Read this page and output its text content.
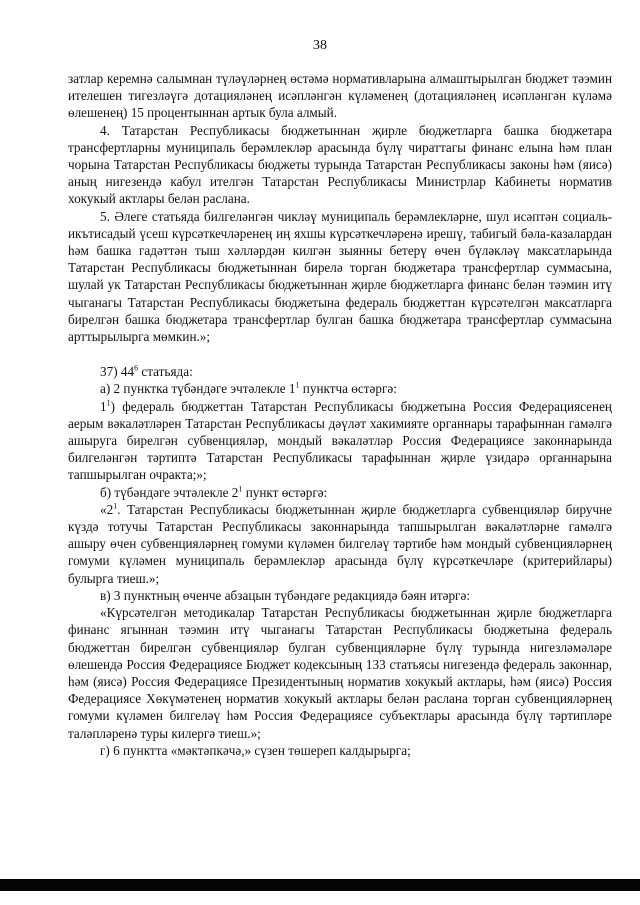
38

затлар керемнә салымнан түләүләрнең өстәмә нормативларына алмаштырылган бюджет тәэмин ителешен тигезләүгә дотацияләнең исәпләнгән күләменең (дотацияләнең исәпләнгән күләмә өлешенең) 15 процентыннан артык була алмый.

4. Татарстан Республикасы бюджетыннан җирле бюджетларга башка бюджетара трансфертларны муниципаль берәмлекләр арасында бүлү чираттагы финанс елына һәм план чорына Татарстан Республикасы бюджеты турында Татарстан Республикасы законы һәм (яисә) аның нигезендә кабул ителгән Татарстан Республикасы Министрлар Кабинеты норматив хокукый актлары белән раслана.

5. Әлеге статьяда билгеләнгән чикләү муниципаль берәмлекләрне, шул исәптән социаль-икътисадый үсеш күрсәткечләренең иң яхшы күрсәткечләренә ирешү, табигый бәла-казалардан һәм башка гадәттән тыш хәлләрдән килгән зыянны бетерү өчен бүләкләү максатларында Татарстан Республикасы бюджетыннан бирелә торган бюджетара трансфертлар суммасына, шулай ук Татарстан Республикасы бюджетыннан җирле бюджетларга финанс белән тәэмин итү чыганагы Татарстан Республикасы бюджетына федераль бюджеттан күрсәтелгән максатларга бирелгән башка бюджетара трансфертлар булган башка бюджетара трансфертлар суммасына арттырылырга мөмкин.»;

37) $44^6$ статьяда:

а) 2 пунктка түбәндәге эчтәлекле $1^1$ пунктча өстәргә:

$1^1$) федераль бюджеттан Татарстан Республикасы бюджетына Россия Федерациясенең аерым вәкаләтләрен Татарстан Республикасы дәүләт хакимияте органнары тарафыннан гамәлгә ашыруга бирелгән субвенцияләр, мондый вәкаләтләр Россия Федерациясе законнарында билгеләнгән тәртиптә Татарстан Республикасы тарафыннан җирле үзидарә органнарына тапшырылган очракта;»;

б) түбәндәге эчтәлекле $2^1$ пункт өстәргә:

«$2^1$. Татарстан Республикасы бюджетыннан җирле бюджетларга субвенцияләр биручне күздә тотучы Татарстан Республикасы законнарында тапшырылган вәкаләтләрне гамәлгә ашыру өчен субвенцияләрнең гомуми күләмен билгеләү тәртибе һәм мондый субвенцияләрнең гомуми күләмен муниципаль берәмлекләр арасында бүлү күрсәткечләре (критерийлары) булырга тиеш.»;

в) 3 пунктның өченче абзацын түбәндәге редакциядә бәян итәргә:

«Күрсәтелгән методикалар Татарстан Республикасы бюджетыннан җирле бюджетларга финанс ягыннан тәэмин итү чыганагы Татарстан Республикасы бюджетына федераль бюджеттан бирелгән субвенцияләр булган субвенцияләрне бүлү турында нигезләмәләре өлешендә Россия Федерациясе Бюджет кодексының 133 статьясы нигезендә федераль законнар, һәм (яисә) Россия Федерациясе Президентының норматив хокукый актлары, һәм (яисә) Россия Федерациясе Хөкүмәтенең норматив хокукый актлары белән раслана торган субвенцияләрнең гомуми күләмен билгеләү һәм Россия Федерациясе субъектлары арасында бүлү тәртипләре таләпләренә туры килергә тиеш.»;

г) 6 пунктта «мәктәпкәчә,» сүзен төшереп калдырырга;
